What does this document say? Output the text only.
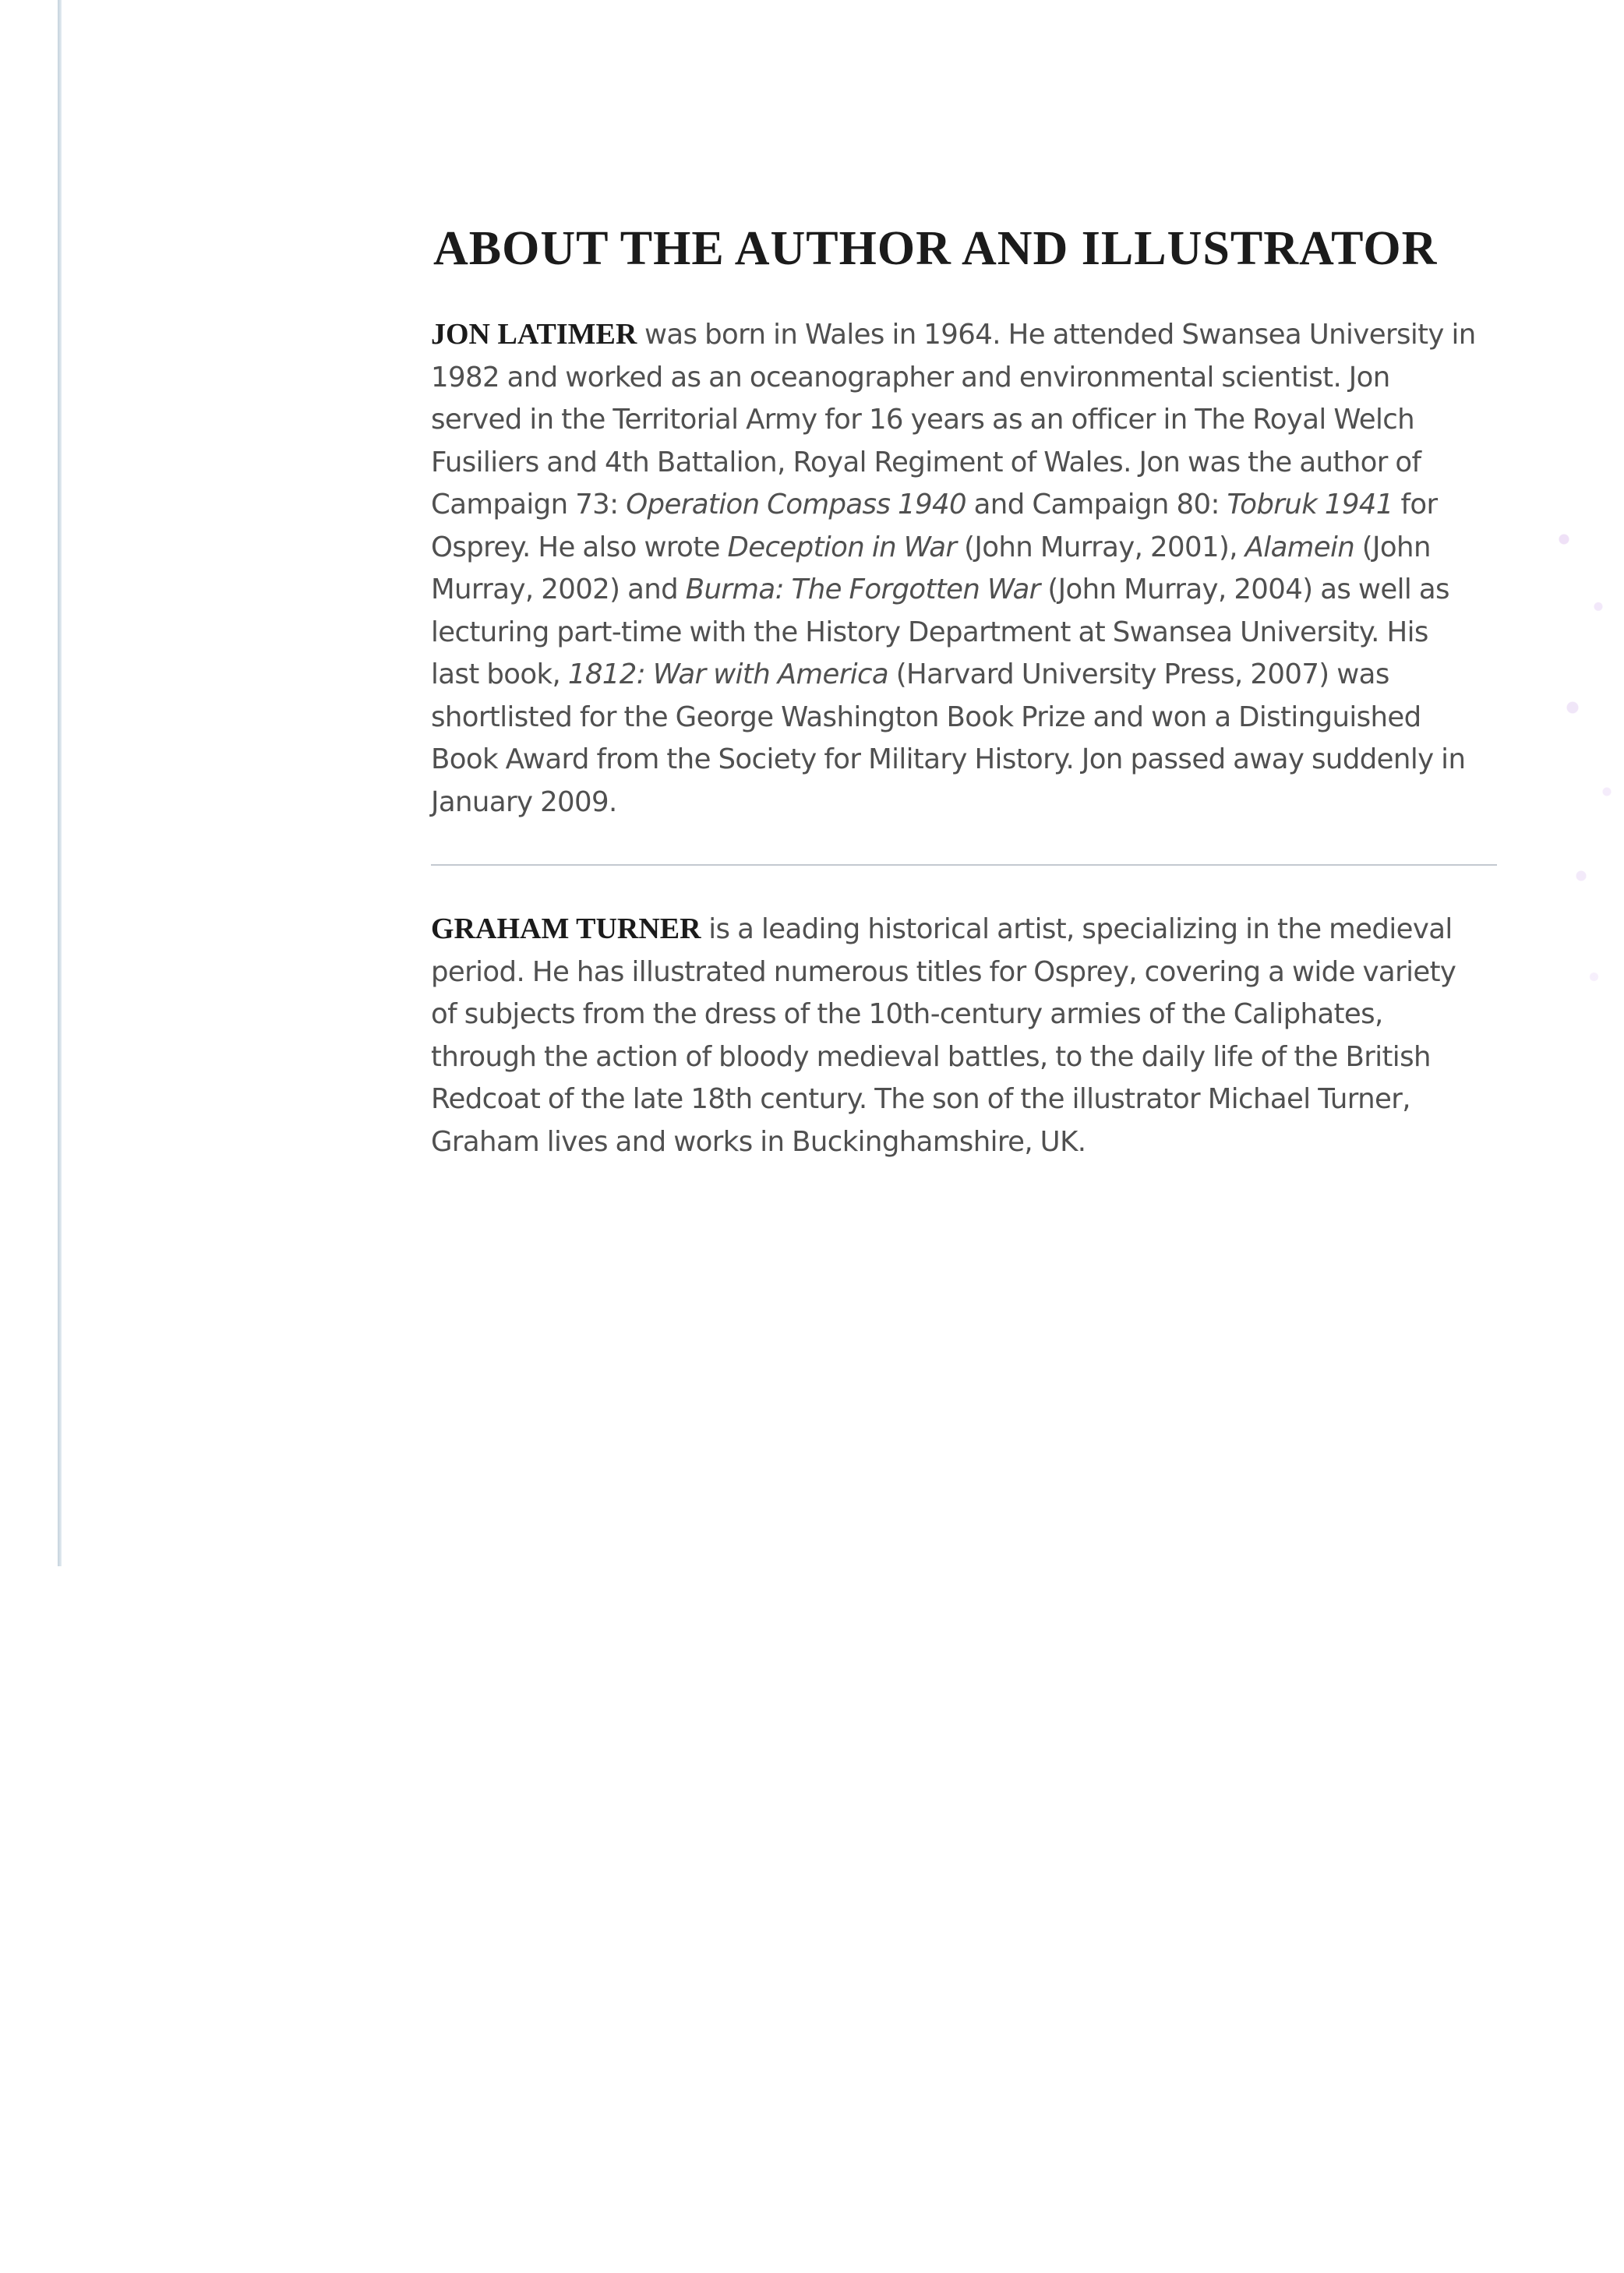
ABOUT THE AUTHOR AND ILLUSTRATOR

JON LATIMER was born in Wales in 1964. He attended Swansea University in 1982 and worked as an oceanographer and environmental scientist. Jon served in the Territorial Army for 16 years as an officer in The Royal Welch Fusiliers and 4th Battalion, Royal Regiment of Wales. Jon was the author of Campaign 73: Operation Compass 1940 and Campaign 80: Tobruk 1941 for Osprey. He also wrote Deception in War (John Murray, 2001), Alamein (John Murray, 2002) and Burma: The Forgotten War (John Murray, 2004) as well as lecturing part-time with the History Department at Swansea University. His last book, 1812: War with America (Harvard University Press, 2007) was shortlisted for the George Washington Book Prize and won a Distinguished Book Award from the Society for Military History. Jon passed away suddenly in January 2009.

GRAHAM TURNER is a leading historical artist, specializing in the medieval period. He has illustrated numerous titles for Osprey, covering a wide variety of subjects from the dress of the 10th-century armies of the Caliphates, through the action of bloody medieval battles, to the daily life of the British Redcoat of the late 18th century. The son of the illustrator Michael Turner, Graham lives and works in Buckinghamshire, UK.
